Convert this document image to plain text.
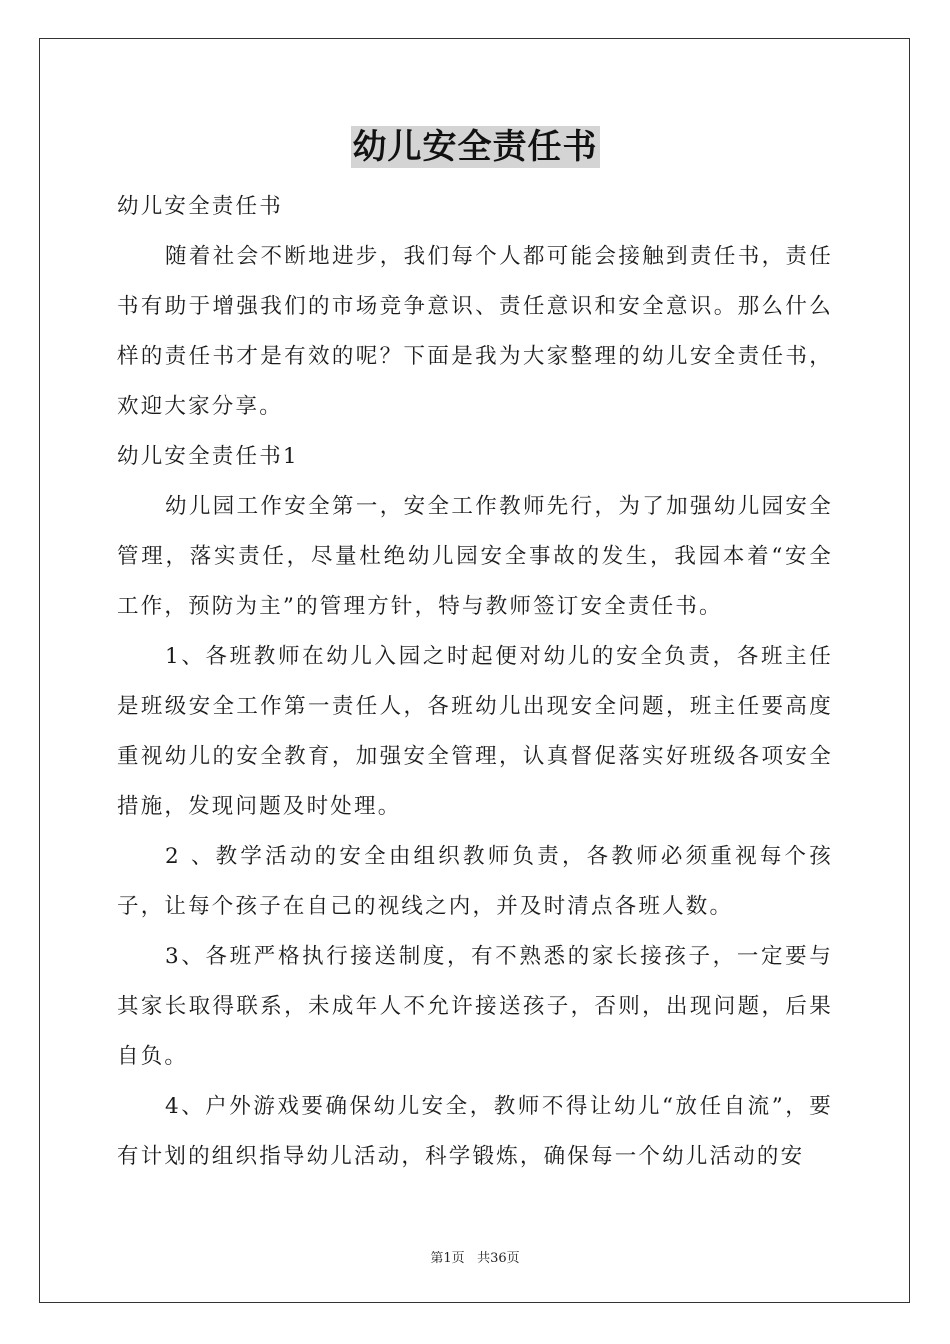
幼儿安全责任书

幼儿安全责任书

随着社会不断地进步，我们每个人都可能会接触到责任书，责任书有助于增强我们的市场竞争意识、责任意识和安全意识。那么什么样的责任书才是有效的呢？下面是我为大家整理的幼儿安全责任书，欢迎大家分享。

幼儿安全责任书1

幼儿园工作安全第一，安全工作教师先行，为了加强幼儿园安全管理，落实责任，尽量杜绝幼儿园安全事故的发生，我园本着“安全工作，预防为主”的管理方针，特与教师签订安全责任书。

1、各班教师在幼儿入园之时起便对幼儿的安全负责，各班主任是班级安全工作第一责任人，各班幼儿出现安全问题，班主任要高度重视幼儿的安全教育，加强安全管理，认真督促落实好班级各项安全措施，发现问题及时处理。

2 、教学活动的安全由组织教师负责，各教师必须重视每个孩子，让每个孩子在自己的视线之内，并及时清点各班人数。

3、各班严格执行接送制度，有不熟悉的家长接孩子，一定要与其家长取得联系，未成年人不允许接送孩子，否则，出现问题，后果自负。

4、户外游戏要确保幼儿安全，教师不得让幼儿“放任自流”，要有计划的组织指导幼儿活动，科学锻炼，确保每一个幼儿活动的安

第1页 共36页
